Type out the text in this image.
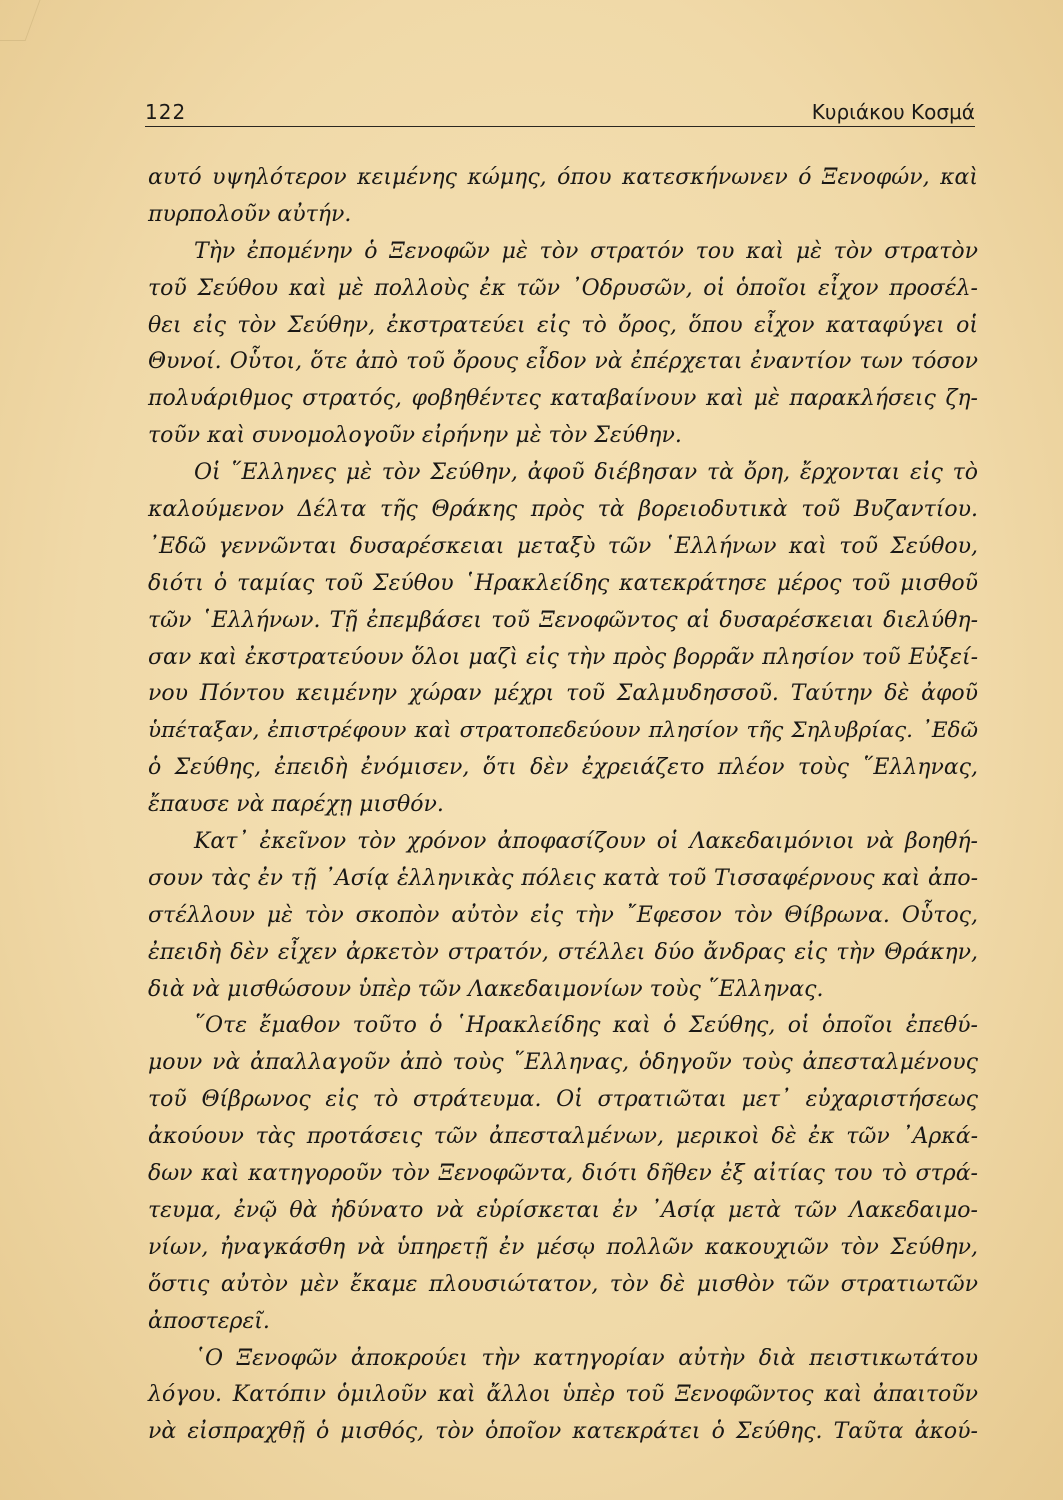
122	Κυριάκου Κοσμά
αυτό υψηλότερον κειμένης κώμης, όπου κατεσκήνωνεν ό Ξενοφών, καὶ
πυρπολοῦν αὐτήν.
Τὴν ἐπομένην ὁ Ξενοφῶν μὲ τὸν στρατόν του καὶ μὲ τὸν στρατὸν
τοῦ Σεύθου καὶ μὲ πολλοὺς ἐκ τῶν ᾿Οδρυσῶν, οἱ ὁποῖοι εἶχον προσέλ-
θει εἰς τὸν Σεύθην, ἐκστρατεύει εἰς τὸ ὄρος, ὅπου εἶχον καταφύγει οἱ
Θυνοί. Οὗτοι, ὅτε ἀπὸ τοῦ ὄρους εἶδον νὰ ἐπέρχεται ἐναντίον των τόσον
πολυάριθμος στρατός, φοβηθέντες καταβαίνουν καὶ μὲ παρακλήσεις ζη-
τοῦν καὶ συνομολογοῦν εἰρήνην μὲ τὸν Σεύθην.
Οἱ ῞Ελληνες μὲ τὸν Σεύθην, ἀφοῦ διέβησαν τὰ ὄρη, ἔρχονται εἰς τὸ
καλούμενον Δέλτα τῆς Θράκης πρὸς τὰ βορειοδυτικὰ τοῦ Βυζαντίου.
᾿Εδῶ γεννῶνται δυσαρέσκειαι μεταξὺ τῶν ῾Ελλήνων καὶ τοῦ Σεύθου,
διότι ὁ ταμίας τοῦ Σεύθου ῾Ηρακλείδης κατεκράτησε μέρος τοῦ μισθοῦ
τῶν ῾Ελλήνων. Τῇ ἐπεμβάσει τοῦ Ξενοφῶντος αἱ δυσαρέσκειαι διελύθη-
σαν καὶ ἐκστρατεύουν ὅλοι μαζὶ εἰς τὴν πρὸς βορρᾶν πλησίον τοῦ Εὐξεί-
νου Πόντου κειμένην χώραν μέχρι τοῦ Σαλμυδησσοῦ. Ταύτην δὲ ἀφοῦ
ὑπέταξαν, ἐπιστρέφουν καὶ στρατοπεδεύουν πλησίον τῆς Σηλυβρίας. ᾿Εδῶ
ὁ Σεύθης, ἐπειδὴ ἐνόμισεν, ὅτι δὲν ἐχρειάζετο πλέον τοὺς ῞Ελληνας,
ἔπαυσε νὰ παρέχῃ μισθόν.
Κατ᾿ ἐκεῖνον τὸν χρόνον ἀποφασίζουν οἱ Λακεδαιμόνιοι νὰ βοηθή-
σουν τὰς ἐν τῇ ᾿Ασίᾳ ἑλληνικὰς πόλεις κατὰ τοῦ Τισσαφέρνους καὶ ἀπο-
στέλλουν μὲ τὸν σκοπὸν αὐτὸν εἰς τὴν ῎Εφεσον τὸν Θίβρωνα. Οὗτος,
ἐπειδὴ δὲν εἶχεν ἀρκετὸν στρατόν, στέλλει δύο ἄνδρας εἰς τὴν Θράκην,
διὰ νὰ μισθώσουν ὑπὲρ τῶν Λακεδαιμονίων τοὺς ῞Ελληνας.
῞Οτε ἔμαθον τοῦτο ὁ ῾Ηρακλείδης καὶ ὁ Σεύθης, οἱ ὁποῖοι ἐπεθύ-
μουν νὰ ἀπαλλαγοῦν ἀπὸ τοὺς ῞Ελληνας, ὁδηγοῦν τοὺς ἀπεσταλμένους
τοῦ Θίβρωνος εἰς τὸ στράτευμα. Οἱ στρατιῶται μετ᾿ εὐχαριστήσεως
ἀκούουν τὰς προτάσεις τῶν ἀπεσταλμένων, μερικοὶ δὲ ἐκ τῶν ᾿Αρκά-
δων καὶ κατηγοροῦν τὸν Ξενοφῶντα, διότι δῆθεν ἐξ αἰτίας του τὸ στρά-
τευμα, ἐνῷ θὰ ἠδύνατο νὰ εὑρίσκεται ἐν ᾿Ασίᾳ μετὰ τῶν Λακεδαιμο-
νίων, ἠναγκάσθη νὰ ὑπηρετῇ ἐν μέσῳ πολλῶν κακουχιῶν τὸν Σεύθην,
ὅστις αὐτὸν μὲν ἔκαμε πλουσιώτατον, τὸν δὲ μισθὸν τῶν στρατιωτῶν
ἀποστερεῖ.
῾Ο Ξενοφῶν ἀποκρούει τὴν κατηγορίαν αὐτὴν διὰ πειστικωτάτου
λόγου. Κατόπιν ὁμιλοῦν καὶ ἄλλοι ὑπὲρ τοῦ Ξενοφῶντος καὶ ἀπαιτοῦν
νὰ εἰσπραχθῇ ὁ μισθός, τὸν ὁποῖον κατεκράτει ὁ Σεύθης. Ταῦτα ἀκού-
